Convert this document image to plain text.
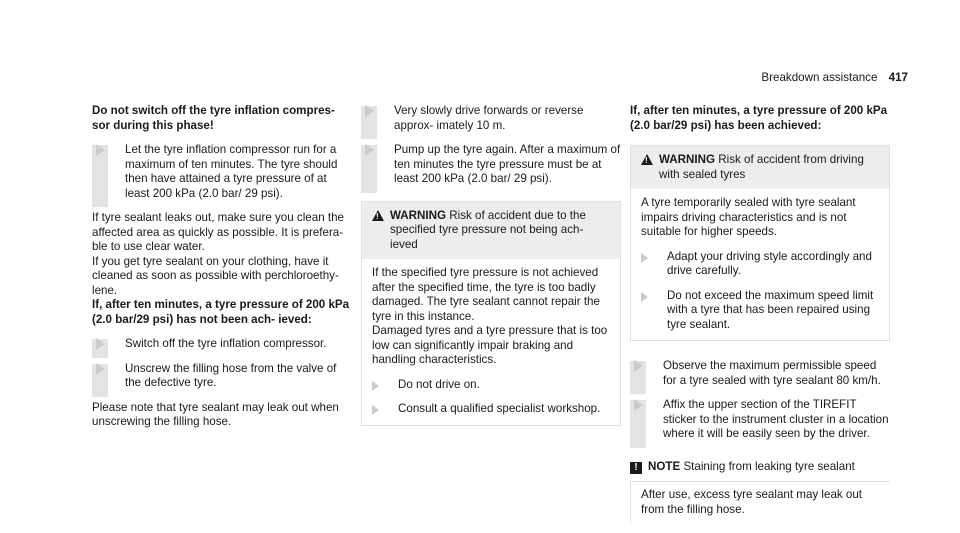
Breakdown assistance 417

Do not switch off the tyre inflation compres- sor during this phase!

Let the tyre inflation compressor run for a maximum of ten minutes. The tyre should then have attained a tyre pressure of at least 200 kPa (2.0 bar/ 29 psi).

If tyre sealant leaks out, make sure you clean the affected area as quickly as possible. It is prefera- ble to use clear water.

If you get tyre sealant on your clothing, have it cleaned as soon as possible with perchloroethy- lene.

If, after ten minutes, a tyre pressure of 200 kPa (2.0 bar/29 psi) has not been ach- ieved:

Switch off the tyre inflation compressor.

Unscrew the filling hose from the valve of the defective tyre.

Please note that tyre sealant may leak out when unscrewing the filling hose.

Very slowly drive forwards or reverse approx- imately 10 m.

Pump up the tyre again. After a maximum of ten minutes the tyre pressure must be at least 200 kPa (2.0 bar/ 29 psi).

!

WARNING Risk of accident due to the specified tyre pressure not being ach- ieved

If the specified tyre pressure is not achieved after the specified time, the tyre is too badly damaged. The tyre sealant cannot repair the tyre in this instance.

Damaged tyres and a tyre pressure that is too low can significantly impair braking and handling characteristics.

Do not drive on.

Consult a qualified specialist workshop.

If, after ten minutes, a tyre pressure of 200 kPa (2.0 bar/29 psi) has been achieved:

!

WARNING Risk of accident from driving with sealed tyres

A tyre temporarily sealed with tyre sealant impairs driving characteristics and is not suitable for higher speeds.

Adapt your driving style accordingly and drive carefully.

Do not exceed the maximum speed limit with a tyre that has been repaired using tyre sealant.

Observe the maximum permissible speed for a tyre sealed with tyre sealant 80 km/h.

Affix the upper section of the TIREFIT sticker to the instrument cluster in a location where it will be easily seen by the driver.

! NOTE Staining from leaking tyre sealant

After use, excess tyre sealant may leak out from the filling hose.
